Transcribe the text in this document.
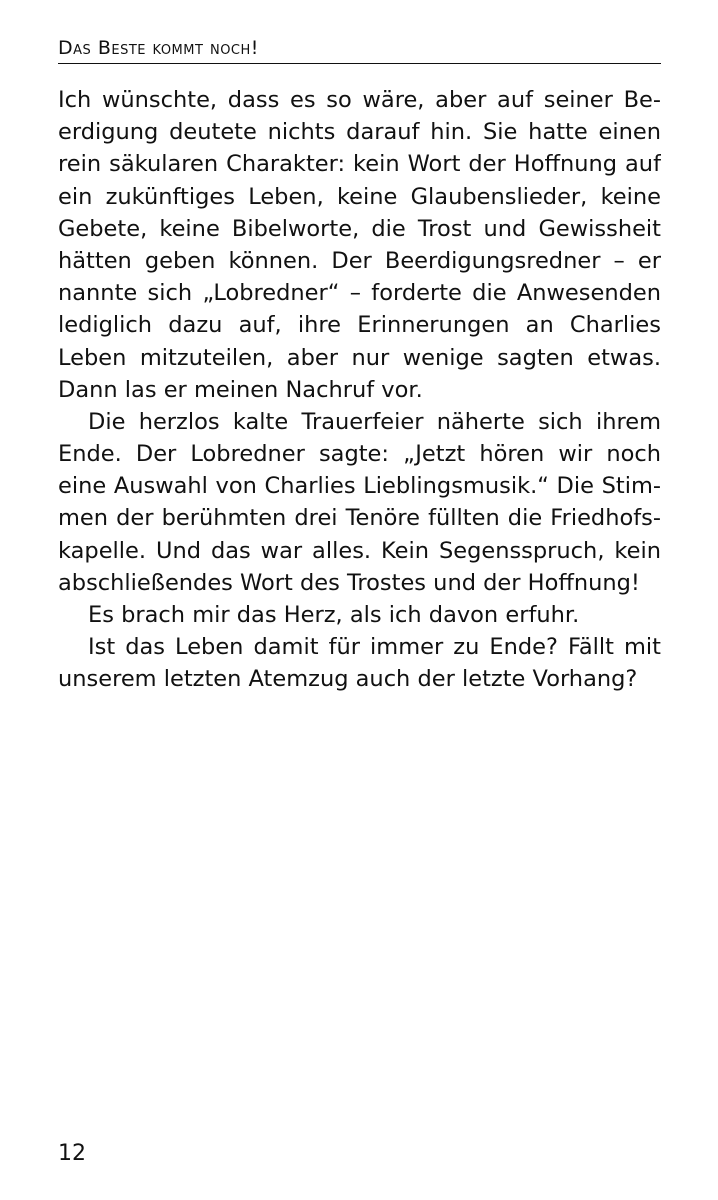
Das Beste kommt noch!
Ich wünschte, dass es so wäre, aber auf seiner Be-
erdigung deutete nichts darauf hin. Sie hatte einen
rein säkularen Charakter: kein Wort der Hoffnung auf
ein zukünftiges Leben, keine Glaubenslieder, keine
Gebete, keine Bibelworte, die Trost und Gewissheit
hätten geben können. Der Beerdigungsredner – er
nannte sich „Lobredner“ – forderte die Anwesenden
lediglich dazu auf, ihre Erinnerungen an Charlies
Leben mitzuteilen, aber nur wenige sagten etwas.
Dann las er meinen Nachruf vor.
Die herzlos kalte Trauerfeier näherte sich ihrem
Ende. Der Lobredner sagte: „Jetzt hören wir noch
eine Auswahl von Charlies Lieblingsmusik.“ Die Stim-
men der berühmten drei Tenöre füllten die Friedhofs-
kapelle. Und das war alles. Kein Segensspruch, kein
abschließendes Wort des Trostes und der Hoffnung!
Es brach mir das Herz, als ich davon erfuhr.
Ist das Leben damit für immer zu Ende? Fällt mit
unserem letzten Atemzug auch der letzte Vorhang?
12
